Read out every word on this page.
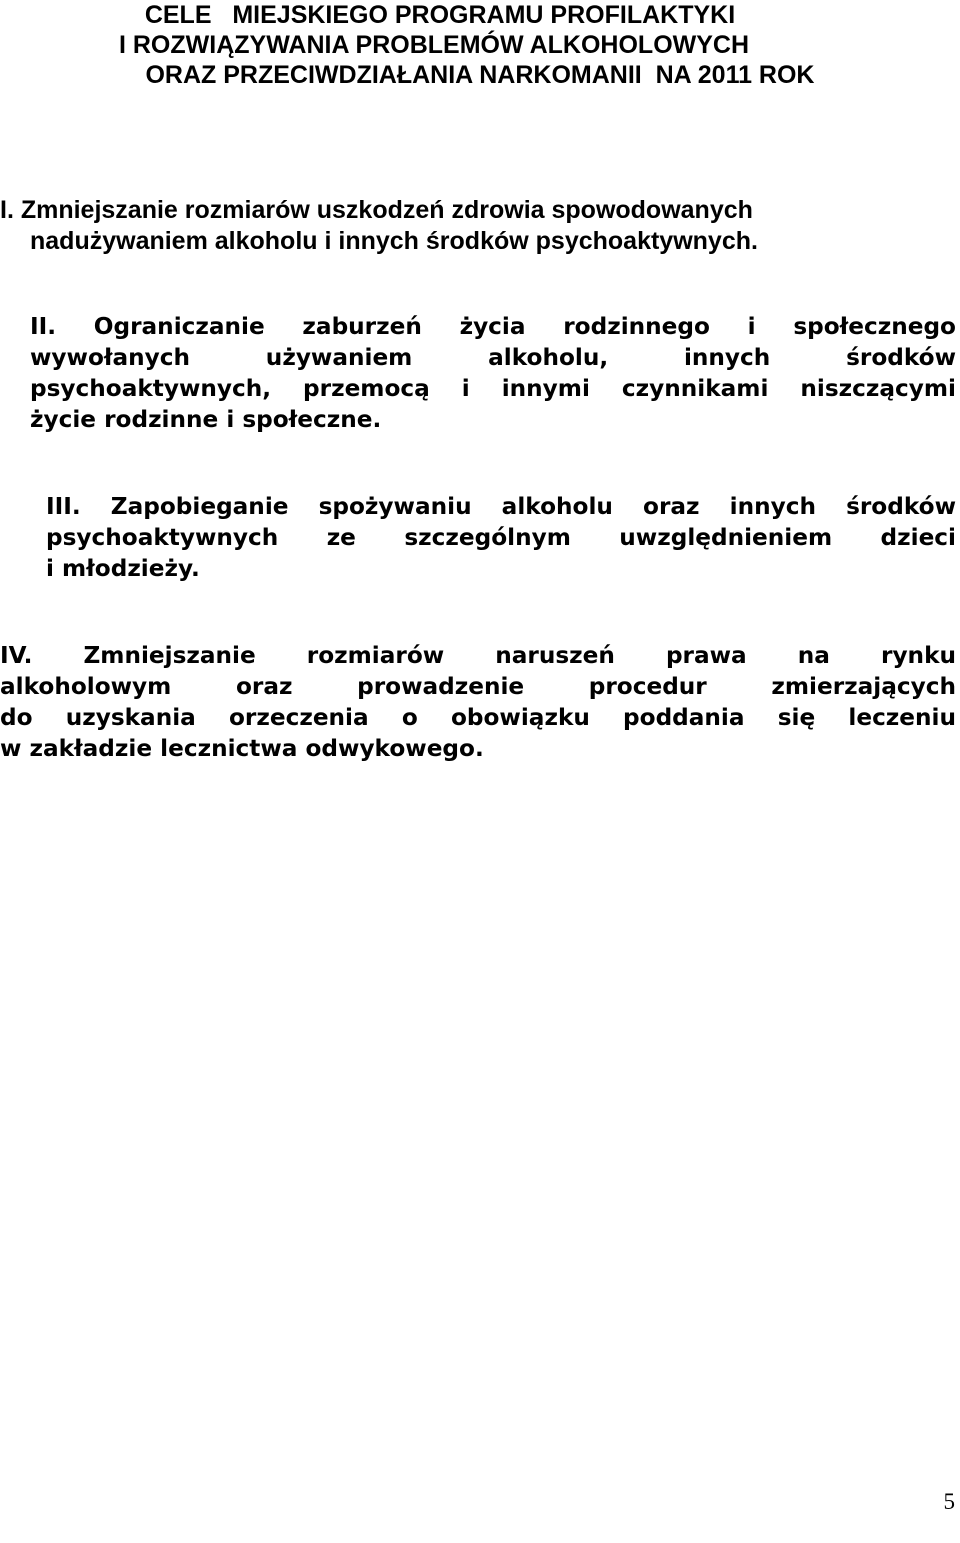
CELE   MIEJSKIEGO PROGRAMU PROFILAKTYKI
I ROZWIĄZYWANIA PROBLEMÓW ALKOHOLOWYCH
ORAZ PRZECIWDZIAŁANIA NARKOMANII  NA 2011 ROK
I. Zmniejszanie rozmiarów uszkodzeń zdrowia spowodowanych
nadużywaniem alkoholu i innych środków psychoaktywnych.
II. Ograniczanie zaburzeń życia rodzinnego i społecznego
wywołanych używaniem alkoholu, innych środków
psychoaktywnych, przemocą i innymi czynnikami niszczącymi
życie rodzinne i społeczne.
III. Zapobieganie spożywaniu alkoholu oraz innych środków
psychoaktywnych ze szczególnym uwzględnieniem dzieci
i młodzieży.
IV. Zmniejszanie rozmiarów naruszeń prawa na rynku
alkoholowym oraz prowadzenie procedur zmierzających
do uzyskania orzeczenia o obowiązku poddania się leczeniu
w zakładzie lecznictwa odwykowego.
5
